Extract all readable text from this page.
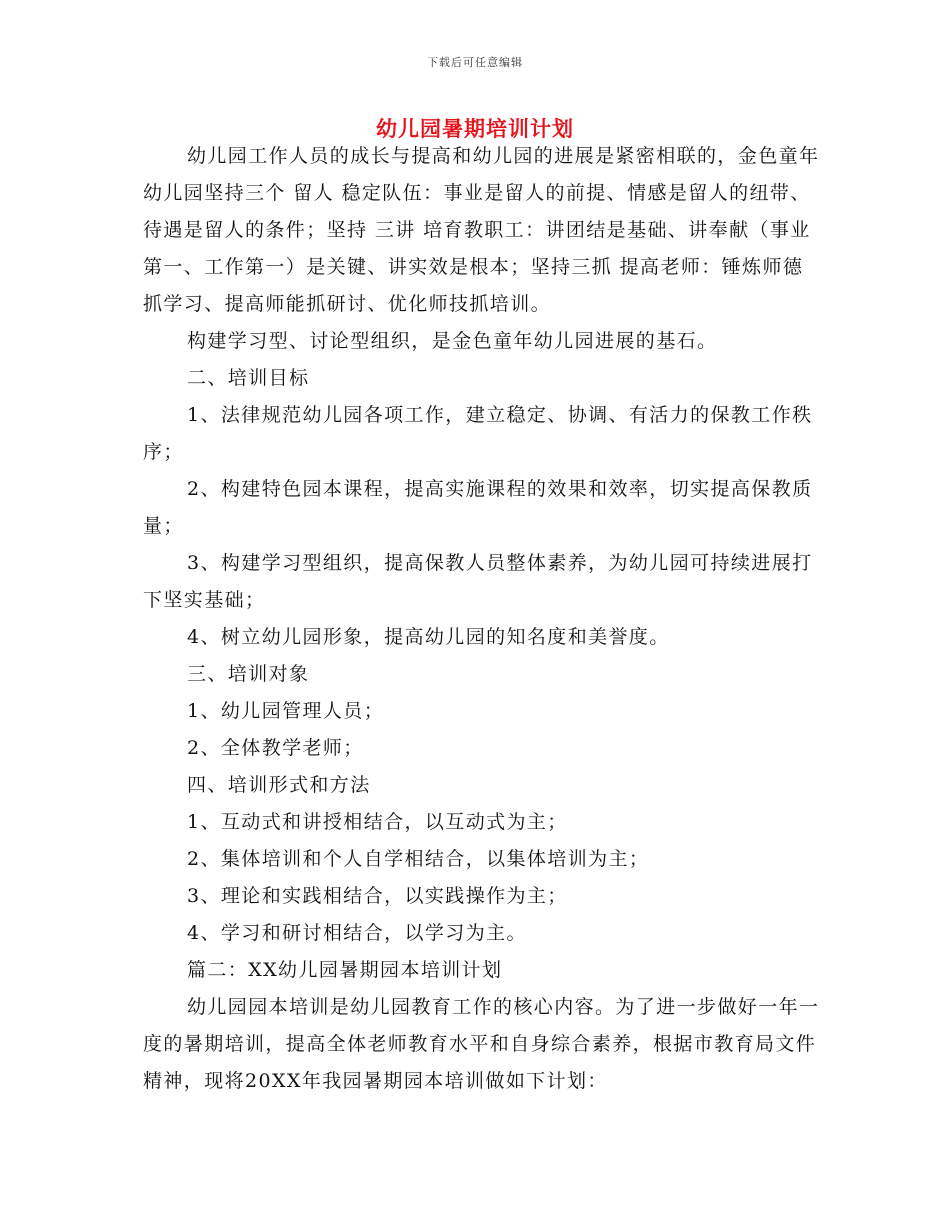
下载后可任意编辑
幼儿园暑期培训计划

幼儿园工作人员的成长与提高和幼儿园的进展是紧密相联的，金色童年幼儿园坚持三个 留人 稳定队伍：事业是留人的前提、情感是留人的纽带、待遇是留人的条件；坚持 三讲 培育教职工：讲团结是基础、讲奉献（事业第一、工作第一）是关键、讲实效是根本；坚持三抓 提高老师：锤炼师德抓学习、提高师能抓研讨、优化师技抓培训。

构建学习型、讨论型组织，是金色童年幼儿园进展的基石。

二、培训目标

1、法律规范幼儿园各项工作，建立稳定、协调、有活力的保教工作秩序；

2、构建特色园本课程，提高实施课程的效果和效率，切实提高保教质量；

3、构建学习型组织，提高保教人员整体素养，为幼儿园可持续进展打下坚实基础；

4、树立幼儿园形象，提高幼儿园的知名度和美誉度。

三、培训对象

1、幼儿园管理人员；

2、全体教学老师；

四、培训形式和方法

1、互动式和讲授相结合，以互动式为主；

2、集体培训和个人自学相结合，以集体培训为主；

3、理论和实践相结合，以实践操作为主；

4、学习和研讨相结合，以学习为主。

篇二：XX幼儿园暑期园本培训计划

幼儿园园本培训是幼儿园教育工作的核心内容。为了进一步做好一年一度的暑期培训，提高全体老师教育水平和自身综合素养，根据市教育局文件精神，现将20XX年我园暑期园本培训做如下计划：
